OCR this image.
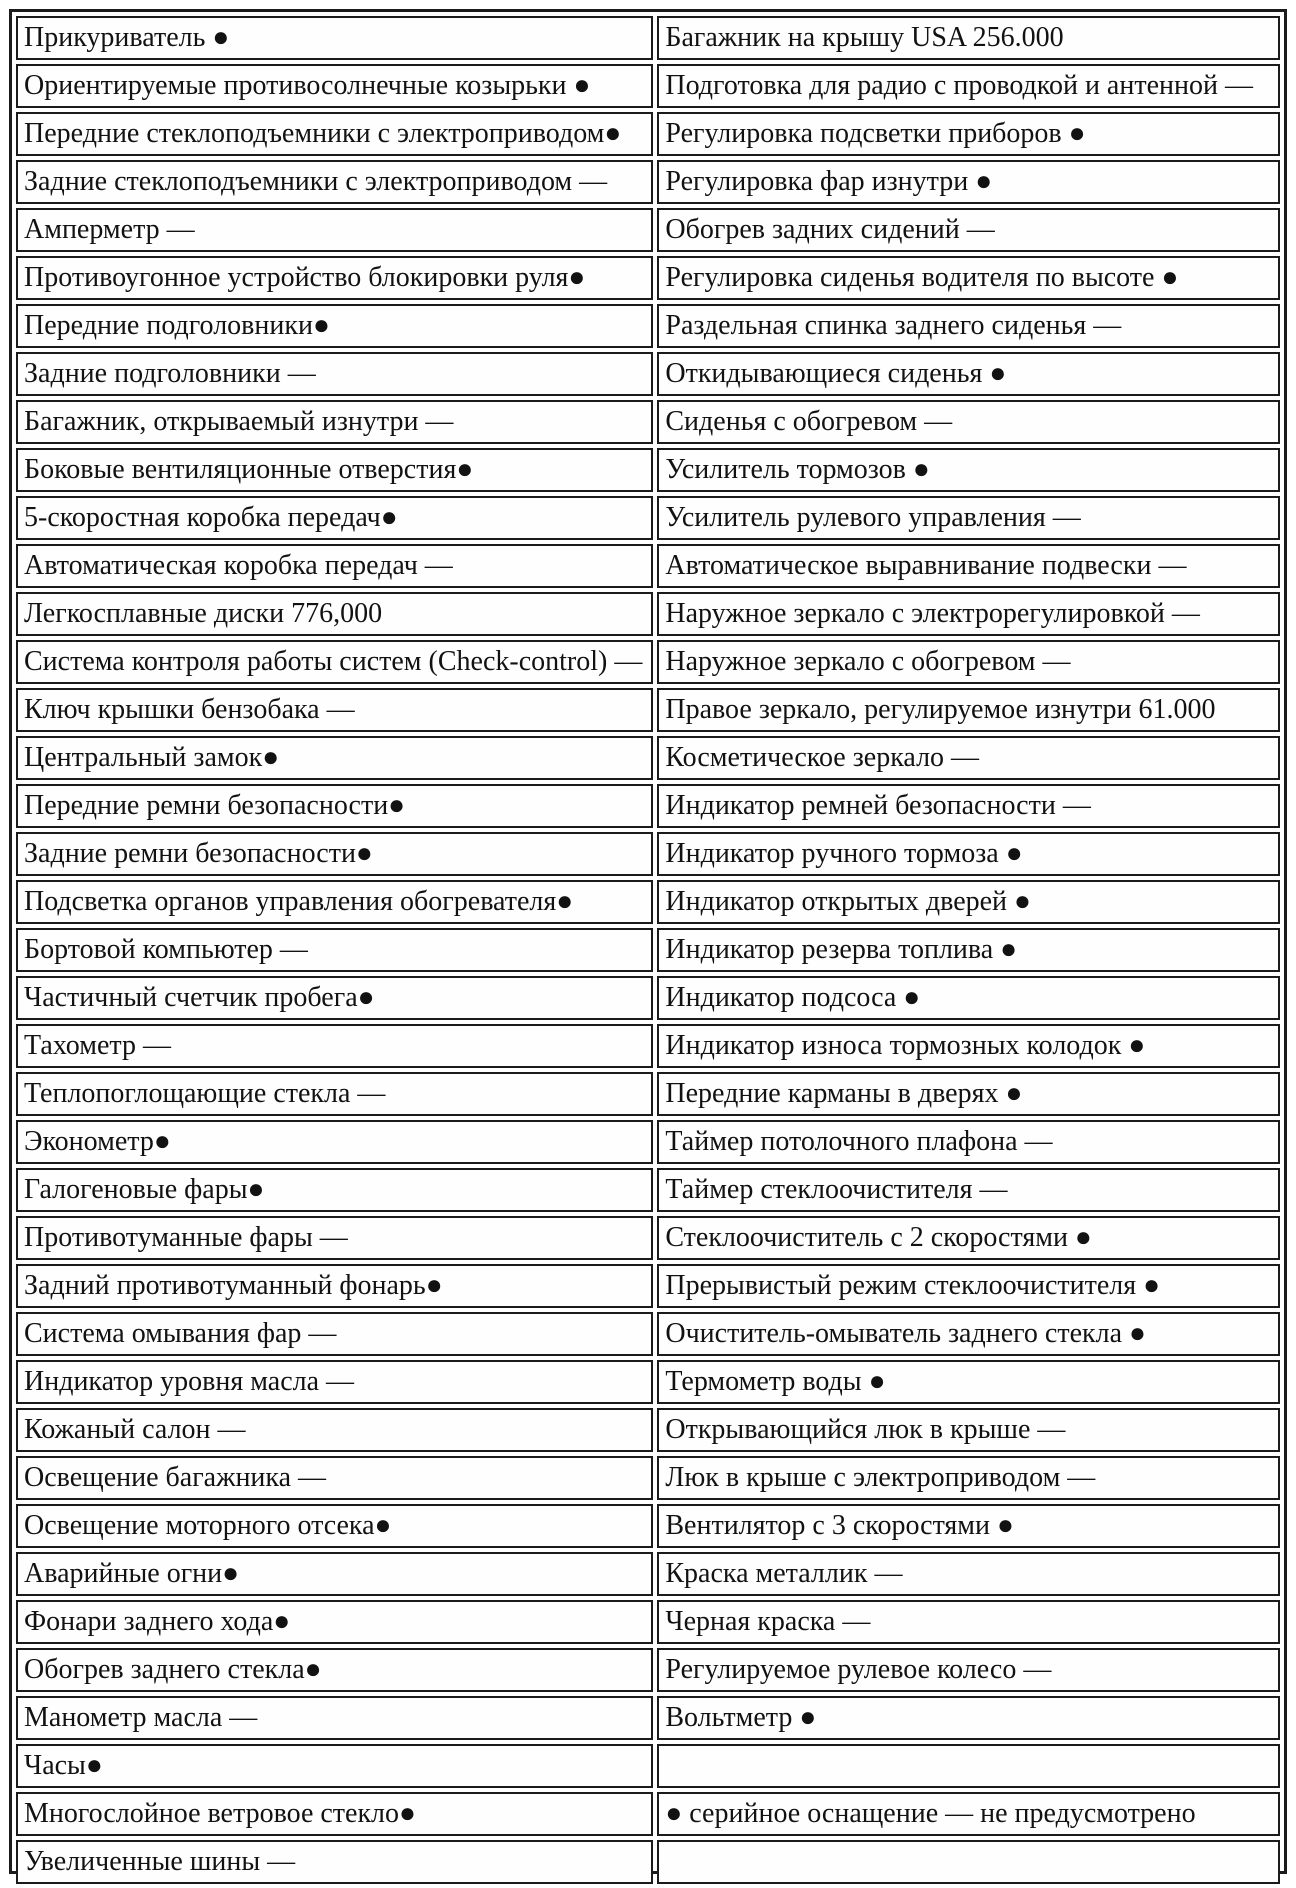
Прикуриватель ●	Багажник на крышу USA 256.000
Ориентируемые противосолнечные козырьки ●	Подготовка для радио с проводкой и антенной —
Передние стеклоподъемники с электроприводом●	Регулировка подсветки приборов ●
Задние стеклоподъемники с электроприводом —	Регулировка фар изнутри ●
Амперметр —	Обогрев задних сидений —
Противоугонное устройство блокировки руля●	Регулировка сиденья водителя по высоте ●
Передние подголовники●	Раздельная спинка заднего сиденья —
Задние подголовники —	Откидывающиеся сиденья ●
Багажник, открываемый изнутри —	Сиденья с обогревом —
Боковые вентиляционные отверстия●	Усилитель тормозов ●
5-скоростная коробка передач●	Усилитель рулевого управления —
Автоматическая коробка передач —	Автоматическое выравнивание подвески —
Легкосплавные диски 776,000	Наружное зеркало с электрорегулировкой —
Система контроля работы систем (Check-control) —	Наружное зеркало с обогревом —
Ключ крышки бензобака —	Правое зеркало, регулируемое изнутри 61.000
Центральный замок●	Косметическое зеркало —
Передние ремни безопасности●	Индикатор ремней безопасности —
Задние ремни безопасности●	Индикатор ручного тормоза ●
Подсветка органов управления обогревателя●	Индикатор открытых дверей ●
Бортовой компьютер —	Индикатор резерва топлива ●
Частичный счетчик пробега●	Индикатор подсоса ●
Тахометр —	Индикатор износа тормозных колодок ●
Теплопоглощающие стекла —	Передние карманы в дверях ●
Эконометр●	Таймер потолочного плафона —
Галогеновые фары●	Таймер стеклоочистителя —
Противотуманные фары —	Стеклоочиститель с 2 скоростями ●
Задний противотуманный фонарь●	Прерывистый режим стеклоочистителя ●
Система омывания фар —	Очиститель-омыватель заднего стекла ●
Индикатор уровня масла —	Термометр воды ●
Кожаный салон —	Открывающийся люк в крыше —
Освещение багажника —	Люк в крыше с электроприводом —
Освещение моторного отсека●	Вентилятор с 3 скоростями ●
Аварийные огни●	Краска металлик —
Фонари заднего хода●	Черная краска —
Обогрев заднего стекла●	Регулируемое рулевое колесо —
Манометр масла —	Вольтметр ●
Часы●	
Многослойное ветровое стекло●	● серийное оснащение — не предусмотрено
Увеличенные шины —	
